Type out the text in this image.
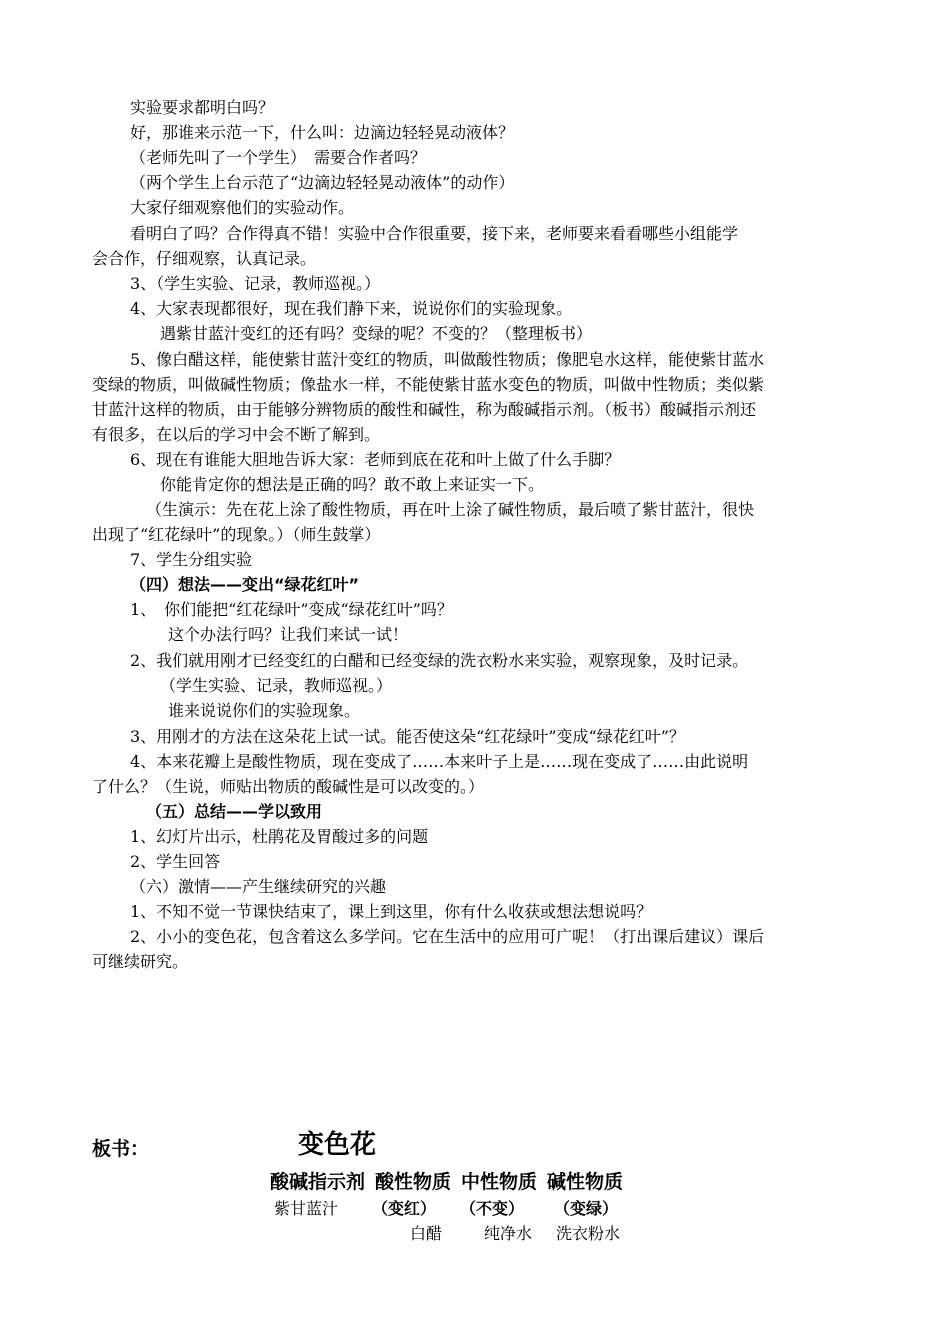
实验要求都明白吗？
好，那谁来示范一下，什么叫：边滴边轻轻晃动液体？
（老师先叫了一个学生）　需要合作者吗？
（两个学生上台示范了“边滴边轻轻晃动液体”的动作）
大家仔细观察他们的实验动作。
看明白了吗？合作得真不错！实验中合作很重要，接下来，老师要来看看哪些小组能学
会合作，仔细观察，认真记录。
3、（学生实验、记录，教师巡视。）
4、大家表现都很好，现在我们静下来，说说你们的实验现象。
遇紫甘蓝汁变红的还有吗？变绿的呢？不变的？（整理板书）
5、像白醋这样，能使紫甘蓝汁变红的物质，叫做酸性物质；像肥皂水这样，能使紫甘蓝水
变绿的物质，叫做碱性物质；像盐水一样，不能使紫甘蓝水变色的物质，叫做中性物质；类似紫
甘蓝汁这样的物质，由于能够分辨物质的酸性和碱性，称为酸碱指示剂。（板书）酸碱指示剂还
有很多，在以后的学习中会不断了解到。
6、现在有谁能大胆地告诉大家：老师到底在花和叶上做了什么手脚？
你能肯定你的想法是正确的吗？敢不敢上来证实一下。
（生演示：先在花上涂了酸性物质，再在叶上涂了碱性物质，最后喷了紫甘蓝汁，很快
出现了“红花绿叶”的现象。）（师生鼓掌）
7、学生分组实验
（四）想法——变出“绿花红叶”
1、　你们能把“红花绿叶”变成“绿花红叶”吗？
这个办法行吗？让我们来试一试！
2、我们就用刚才已经变红的白醋和已经变绿的洗衣粉水来实验，观察现象，及时记录。
（学生实验、记录，教师巡视。）
谁来说说你们的实验现象。
3、用刚才的方法在这朵花上试一试。能否使这朵“红花绿叶”变成“绿花红叶”？
4、本来花瓣上是酸性物质，现在变成了……本来叶子上是……现在变成了……由此说明
了什么？（生说，师贴出物质的酸碱性是可以改变的。）
（五）总结——学以致用
1、幻灯片出示，杜鹃花及胃酸过多的问题
2、学生回答
（六）激情——产生继续研究的兴趣
1、不知不觉一节课快结束了，课上到这里，你有什么收获或想法想说吗？
2、小小的变色花，包含着这么多学问。它在生活中的应用可广呢！（打出课后建议）课后
可继续研究。
板书：	变色花
酸碱指示剂 酸性物质 中性物质 碱性物质
紫甘蓝汁 （变红） （不变） （变绿）
白醋	纯净水 洗衣粉水
